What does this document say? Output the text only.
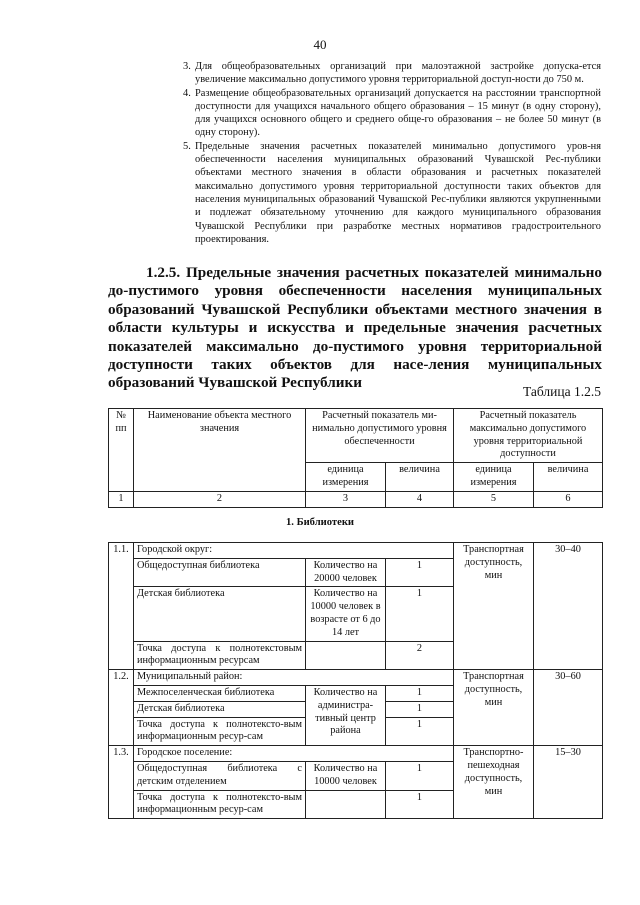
40
3. Для общеобразовательных организаций при малоэтажной застройке допуска-ется увеличение максимально допустимого уровня территориальной доступ-ности до 750 м.
4. Размещение общеобразовательных организаций допускается на расстоянии транспортной доступности для учащихся начального общего образования – 15 минут (в одну сторону), для учащихся основного общего и среднего обще-го образования – не более 50 минут (в одну сторону).
5. Предельные значения расчетных показателей минимально допустимого уров-ня обеспеченности населения муниципальных образований Чувашской Рес-публики объектами местного значения в области образования и расчетных показателей максимально допустимого уровня территориальной доступности таких объектов для населения муниципальных образований Чувашской Рес-публики являются укрупненными и подлежат обязательному уточнению для каждого муниципального образования Чувашской Республики при разработке местных нормативов градостроительного проектирования.

1.2.5. Предельные значения расчетных показателей минимально до-пустимого уровня обеспеченности населения муниципальных образований Чувашской Республики объектами местного значения в области культуры и искусства и предельные значения расчетных показателей максимально до-пустимого уровня территориальной доступности таких объектов для насе-ления муниципальных образований Чувашской Республики

Таблица 1.2.5
№ пп	Наименование объекта местного значения	Расчетный показатель ми-нимально допустимого уровня обеспеченности		Расчетный показатель максимально допустимого уровня территориальной доступности	
		единица измерения	величина	единица измерения	величина
1	2	3	4	5	6
1. Библиотеки
1.1.	Городской округ:			Транспортная доступность, мин	30–40
	Общедоступная библиотека	Количество на 20000 человек	1		
	Детская библиотека	Количество на 10000 человек в возрасте от 6 до 14 лет	1		
	Точка доступа к полнотекстовым информационным ресурсам		2		
1.2.	Муниципальный район:			Транспортная доступность, мин	30–60
	Межпоселенческая библиотека	Количество на администра-тивный центр района	1		
	Детская библиотека		1		
	Точка доступа к полнотексто-вым информационным ресур-сам		1		
1.3.	Городское поселение:			Транспортно-пешеходная доступность, мин	15–30
	Общедоступная библиотека с детским отделением	Количество на 10000 человек	1		
	Точка доступа к полнотексто-вым информационным ресур-сам		1		
